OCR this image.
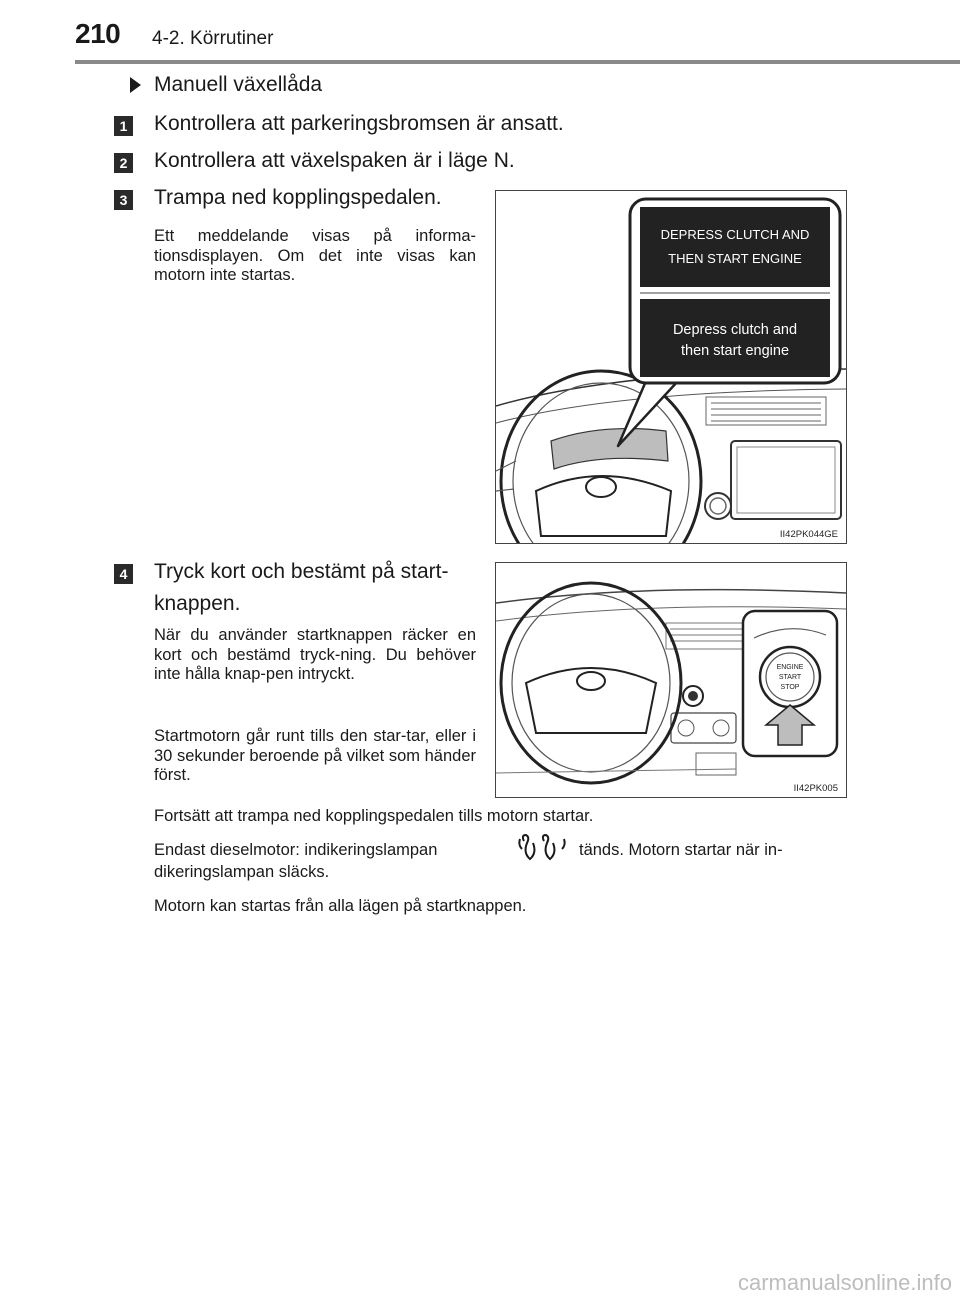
210 4-2. Körrutiner
Manuell växellåda
1 Kontrollera att parkeringsbromsen är ansatt.
2 Kontrollera att växelspaken är i läge N.
3 Trampa ned kopplingspedalen.
Ett meddelande visas på informa-tionsdisplayen. Om det inte visas kan motorn inte startas.
DEPRESS CLUTCH AND
THEN START ENGINE
Depress clutch and
then start engine
II42PK044GE
4 Tryck kort och bestämt på start-
knappen.
När du använder startknappen räcker en kort och bestämd tryck-ning. Du behöver inte hålla knap-pen intryckt.
Startmotorn går runt tills den star-tar, eller i 30 sekunder beroende på vilket som händer först.
ENGINE
START
STOP
II42PK005
Fortsätt att trampa ned kopplingspedalen tills motorn startar.
Endast dieselmotor: indikeringslampan	tänds. Motorn startar när in-
dikeringslampan släcks.
Motorn kan startas från alla lägen på startknappen.
carmanualsonline.info
